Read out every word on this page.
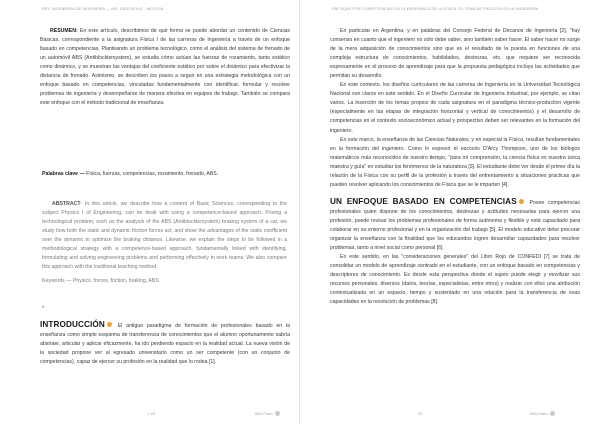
REV. INGENIERÍA DE INGENIERÍA — INE. EDUCATIVO - INGLESA

RESUMEN: En este artículo, describimos de qué forma se puede abordar un contenido de Ciencias Básicas, correspondiente a la asignatura Física I de las carreras de Ingeniería a través de un enfoque basado en competencias. Planteando un problema tecnológico, como el análisis del sistema de frenado de un automóvil ABS (Antiblockiersystem), se estudia cómo actúan las fuerzas de rozamiento, tanto estático como dinámico, y se muestran las ventajas del coeficiente estático por sobre el dinámico para efectivizar la distancia de frenado. Asimismo, se describen los pasos a seguir en una estrategia metodológica con un enfoque basado en competencias, vinculadas fundamentalmente con identificar, formular y resolver problemas de ingeniería y desempeñarse de manera efectiva en equipos de trabajo. También se compara este enfoque con el método tradicional de enseñanza.

Palabras clave — Física, fuerzas, competencias, rozamiento, frenado, ABS.

ABSTRACT- In this article, we describe how a content of Basic Sciences, corresponding to the subject Physics I of Engineering, can be dealt with using a competence-based approach. Posing a technological problem, such as the analysis of the ABS (Antiblockiersystem) braking system of a car, we study how both the static and dynamic friction forces act, and show the advantages of the static coefficient over the dynamic to optimize the braking distance. Likewise, we explain the steps to be followed in a methodological strategy with a competence-based approach, fundamentally linked with identifying, formulating and solving engineering problems and performing effectively in work teams. We also compare this approach with the traditional teaching method.

Keywords — Physics, forces, friction, braking, ABS
*

INTRODUCCIÓN El antiguo paradigma de formación de profesionales basado en la enseñanza como simple esquema de transferencia de conocimientos que el alumno oportunamente sabría abstraer, articular y aplicar eficazmente, ha ido perdiendo espacio en la realidad actual. La nueva visión de la sociedad propone ver al egresado universitario como un ser competente (con un conjunto de competencias), capaz de ejercer su profesión en la realidad que lo rodea [1].

• 22	ING.Frem
ENFOQUE POR COMPETENCIAS EN LA ENSEÑANZA DE LA FÍSICA: EL TEMA DE FRICCIÓN EN LA INGENIERÍA

En particular en Argentina, y en palabras del Consejo Federal de Decanos de Ingeniería [2], "hay consenso en cuanto que el ingeniero no sólo debe saber, sino también saber hacer. El saber hacer no surge de la mera adquisición de conocimientos sino que es el resultado de la puesta en funciones de una compleja estructura de conocimientos, habilidades, destrezas, etc. que requiere ser reconocida expresamente en el proceso de aprendizaje para que la propuesta pedagógica incluya las actividades que permitan su desarrollo.

En este contexto, los diseños curriculares de las carreras de Ingeniería en la Universidad Tecnológica Nacional son claros en este sentido. En el Diseño Curricular de Ingeniería Industrial, por ejemplo, se citan varios. La inserción de los temas propios de cada asignatura en el paradigma técnico-productivo vigente (especialmente en las etapas de integración horizontal y vertical de conocimientos) y el desarrollo de competencias en el contexto socioeconómico actual y prospectivo deben ser relevantes en la formación del ingeniero.

En este marco, la enseñanza de las Ciencias Naturales, y en especial la Física, resultan fundamentales en la formación del ingeniero. Como lo expresó el escocés D'Arcy Thompson, uno de los biólogos matemáticos más reconocidos de nuestro tiempo, "para mí comprensión, la ciencia física es nuestra única maestra y guía" en estudiar los fenómenos de la naturaleza [3]. El estudiante debe ver desde el primer día la relación de la Física con su perfil de la profesión a través del enfrentamiento a situaciones prácticas que pueden resolver aplicando los conocimientos de Física que se le imparten [4].

UN ENFOQUE BASADO EN COMPETENCIAS Posee competencias profesionales quien dispone de los conocimientos, destrezas y actitudes necesarias para ejercer una profesión, puede revisar los problemas profesionales de forma autónoma y flexible y está capacitado para colaborar en su entorno profesional y en la organización del trabajo [5]. El modelo educativo debe procurar organizar la enseñanza con la finalidad que los educandos logren desarrollar capacidades para resolver problemas, tanto a nivel social como personal [6].

En este sentido, en las "consideraciones generales" del Libro Rojo de CONFEDI [7] se trata de consolidar un modelo de aprendizaje centrado en el estudiante, con un enfoque basado en competencias y descriptores de conocimiento. Es desde esta perspectiva donde el sujeto puede elegir y movilizar sus recursos personales, diversos (datos, teorías, especialistas, entre otros) y realizar con ellos una atribución contextualizada en un espacio, tiempo y sustentado en una relación para la transferencia de esas capacidades en la resolución de problemas [8].

23	ING.Frem
